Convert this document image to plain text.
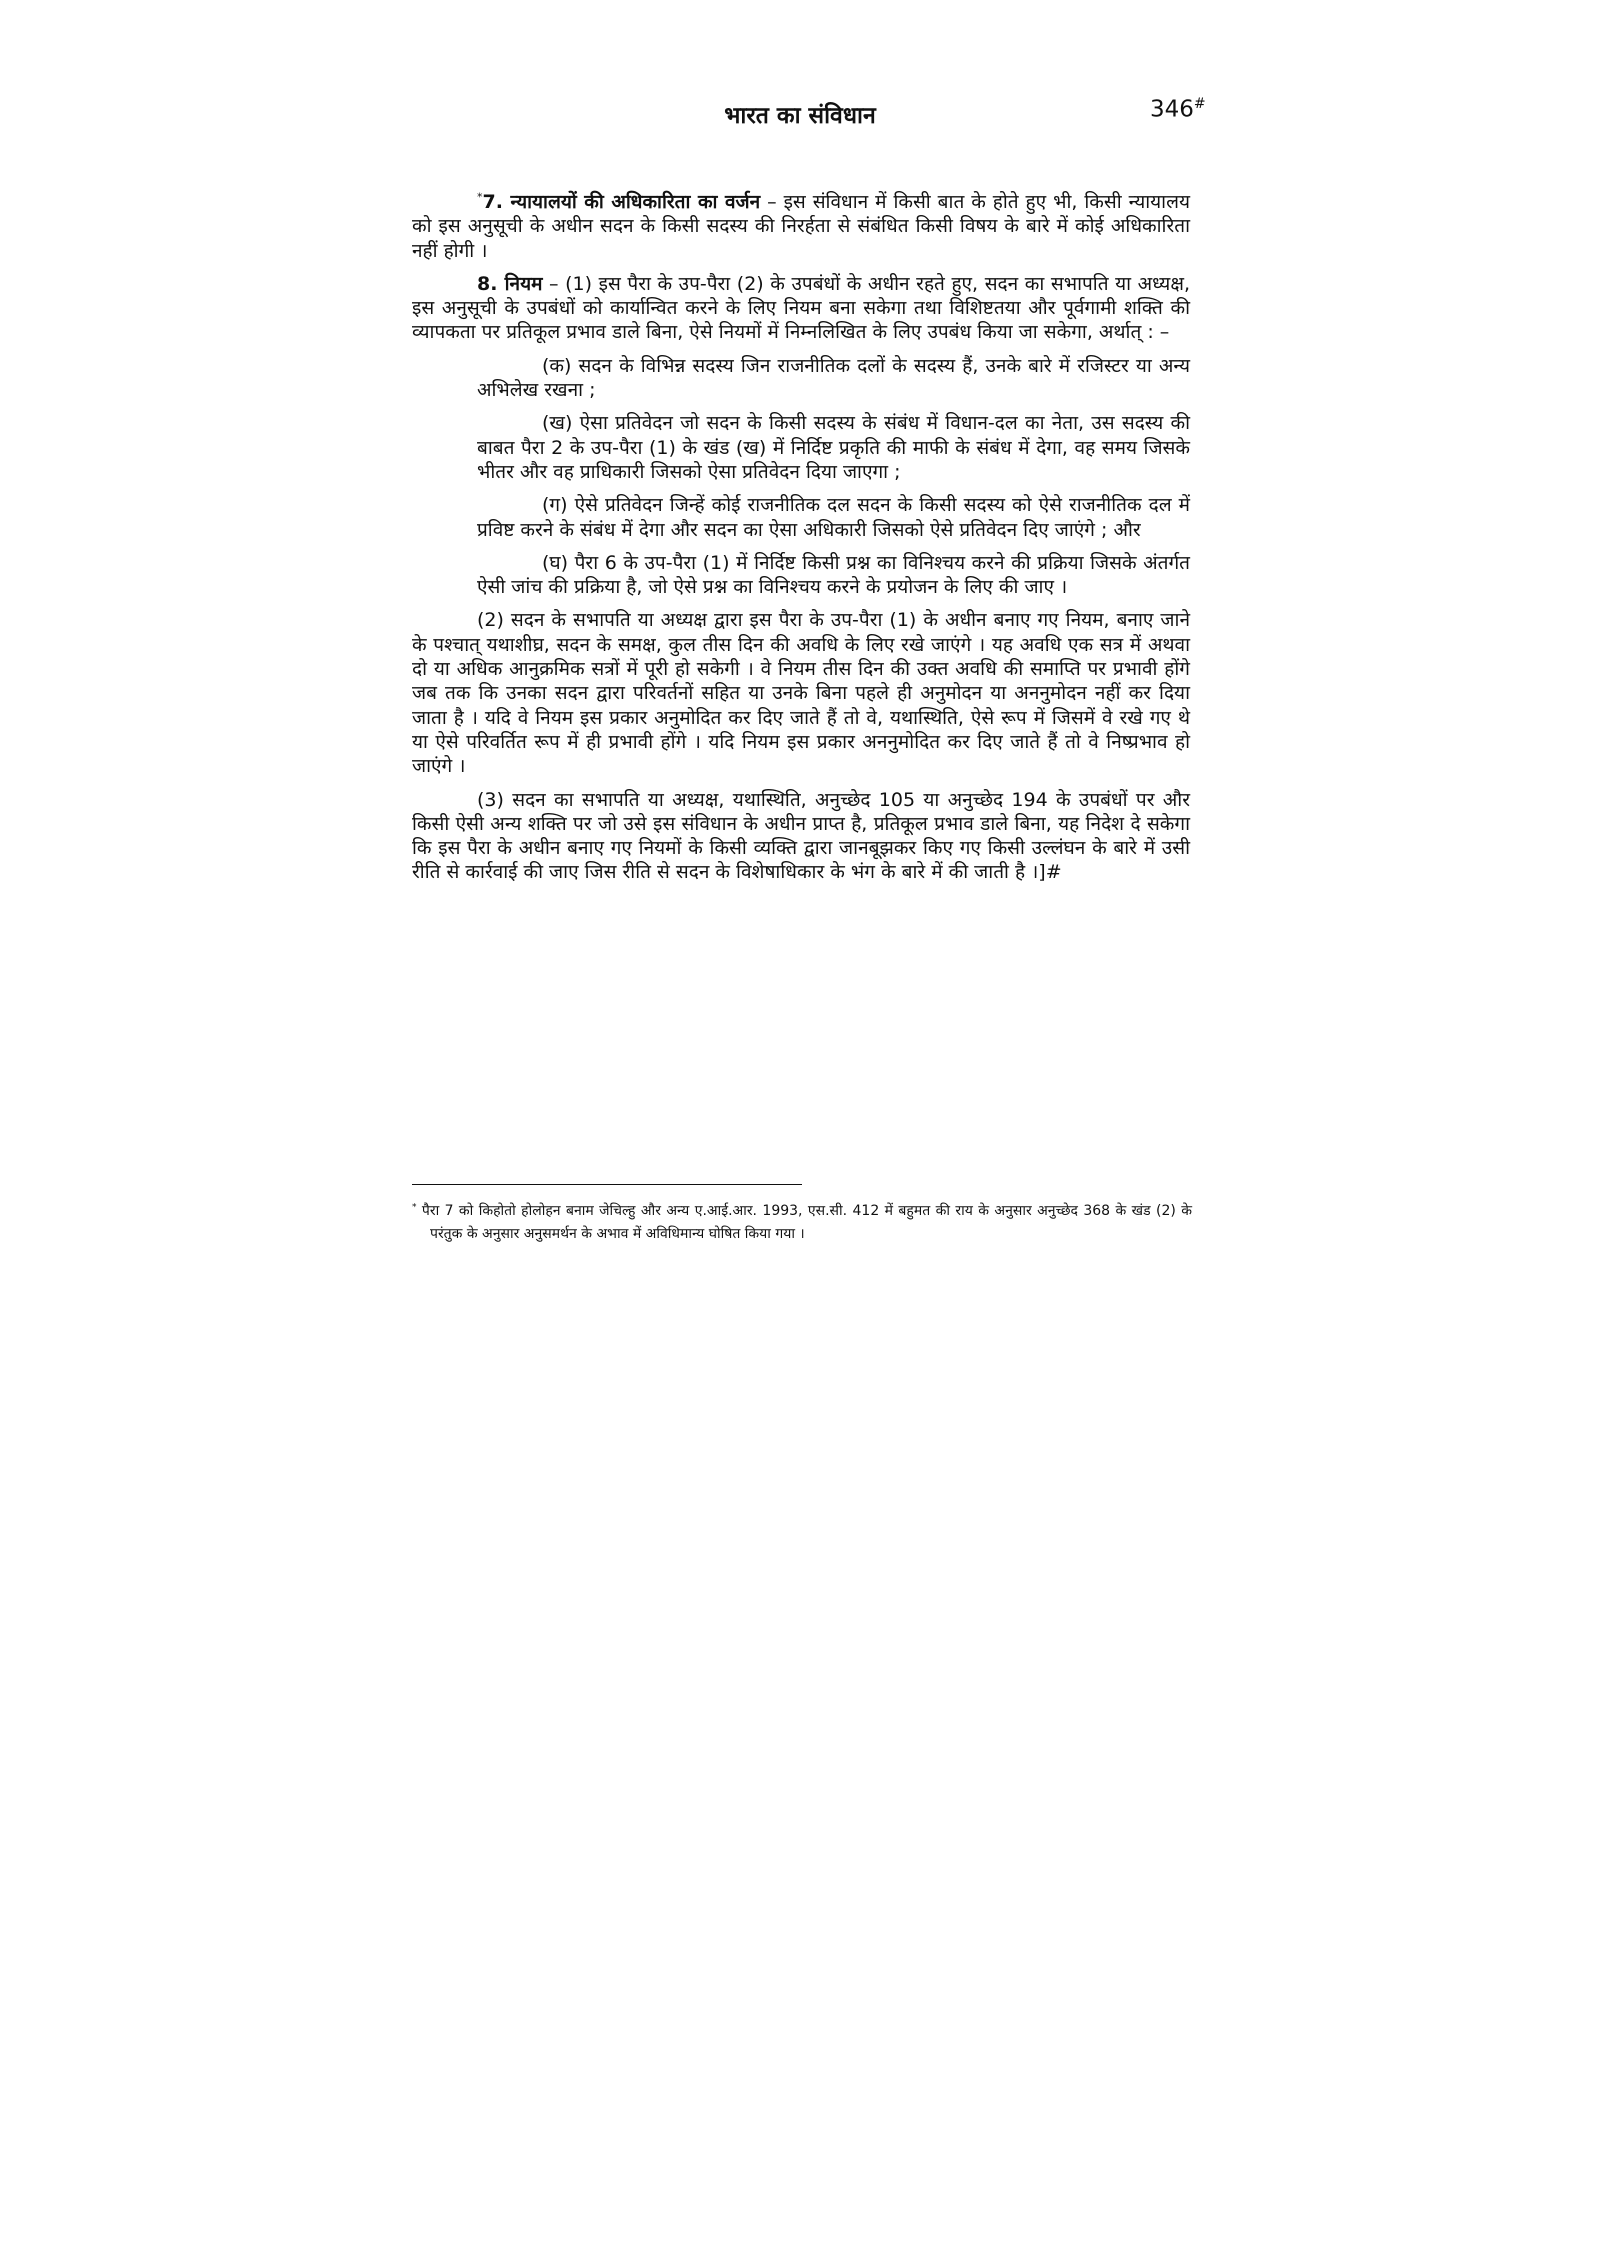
भारत का संविधान	346#

*7. न्यायालयों की अधिकारिता का वर्जन – इस संविधान में किसी बात के होते हुए भी, किसी न्यायालय को इस अनुसूची के अधीन सदन के किसी सदस्य की निरर्हता से संबंधित किसी विषय के बारे में कोई अधिकारिता नहीं होगी ।

8. नियम – (1) इस पैरा के उप-पैरा (2) के उपबंधों के अधीन रहते हुए, सदन का सभापति या अध्यक्ष, इस अनुसूची के उपबंधों को कार्यान्वित करने के लिए नियम बना सकेगा तथा विशिष्टतया और पूर्वगामी शक्ति की व्यापकता पर प्रतिकूल प्रभाव डाले बिना, ऐसे नियमों में निम्नलिखित के लिए उपबंध किया जा सकेगा, अर्थात् : –

(क) सदन के विभिन्न सदस्य जिन राजनीतिक दलों के सदस्य हैं, उनके बारे में रजिस्टर या अन्य अभिलेख रखना ;

(ख) ऐसा प्रतिवेदन जो सदन के किसी सदस्य के संबंध में विधान-दल का नेता, उस सदस्य की बाबत पैरा 2 के उप-पैरा (1) के खंड (ख) में निर्दिष्ट प्रकृति की माफी के संबंध में देगा, वह समय जिसके भीतर और वह प्राधिकारी जिसको ऐसा प्रतिवेदन दिया जाएगा ;

(ग) ऐसे प्रतिवेदन जिन्हें कोई राजनीतिक दल सदन के किसी सदस्य को ऐसे राजनीतिक दल में प्रविष्ट करने के संबंध में देगा और सदन का ऐसा अधिकारी जिसको ऐसे प्रतिवेदन दिए जाएंगे ; और

(घ) पैरा 6 के उप-पैरा (1) में निर्दिष्ट किसी प्रश्न का विनिश्चय करने की प्रक्रिया जिसके अंतर्गत ऐसी जांच की प्रक्रिया है, जो ऐसे प्रश्न का विनिश्चय करने के प्रयोजन के लिए की जाए ।

(2) सदन के सभापति या अध्यक्ष द्वारा इस पैरा के उप-पैरा (1) के अधीन बनाए गए नियम, बनाए जाने के पश्चात् यथाशीघ्र, सदन के समक्ष, कुल तीस दिन की अवधि के लिए रखे जाएंगे । यह अवधि एक सत्र में अथवा दो या अधिक आनुक्रमिक सत्रों में पूरी हो सकेगी । वे नियम तीस दिन की उक्त अवधि की समाप्ति पर प्रभावी होंगे जब तक कि उनका सदन द्वारा परिवर्तनों सहित या उनके बिना पहले ही अनुमोदन या अननुमोदन नहीं कर दिया जाता है । यदि वे नियम इस प्रकार अनुमोदित कर दिए जाते हैं तो वे, यथास्थिति, ऐसे रूप में जिसमें वे रखे गए थे या ऐसे परिवर्तित रूप में ही प्रभावी होंगे । यदि नियम इस प्रकार अननुमोदित कर दिए जाते हैं तो वे निष्प्रभाव हो जाएंगे ।

(3) सदन का सभापति या अध्यक्ष, यथास्थिति, अनुच्छेद 105 या अनुच्छेद 194 के उपबंधों पर और किसी ऐसी अन्य शक्ति पर जो उसे इस संविधान के अधीन प्राप्त है, प्रतिकूल प्रभाव डाले बिना, यह निदेश दे सकेगा कि इस पैरा के अधीन बनाए गए नियमों के किसी व्यक्ति द्वारा जानबूझकर किए गए किसी उल्लंघन के बारे में उसी रीति से कार्रवाई की जाए जिस रीति से सदन के विशेषाधिकार के भंग के बारे में की जाती है ।]#

* पैरा 7 को किहोतो होलोहन बनाम जेचिल्हु और अन्य ए.आई.आर. 1993, एस.सी. 412 में बहुमत की राय के अनुसार अनुच्छेद 368 के खंड (2) के परंतुक के अनुसार अनुसमर्थन के अभाव में अविधिमान्य घोषित किया गया ।
